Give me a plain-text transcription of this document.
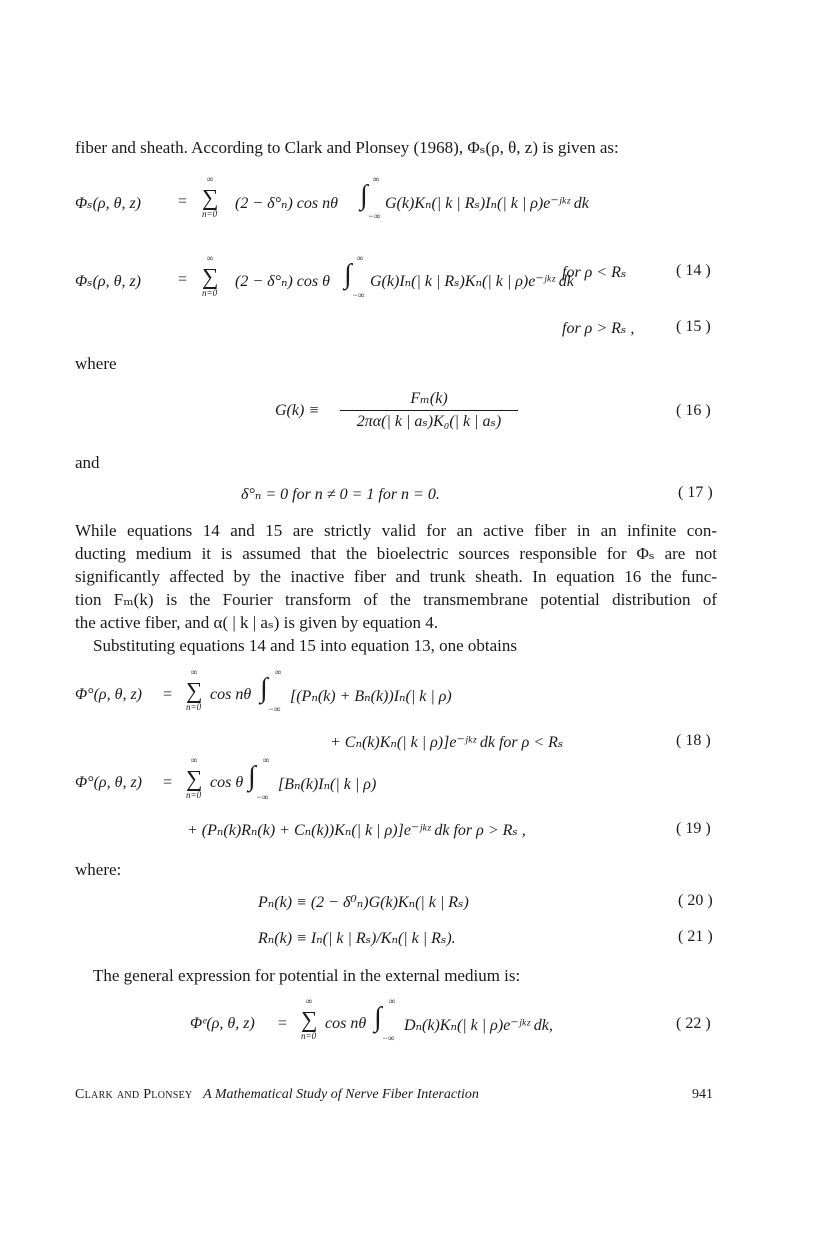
fiber and sheath. According to Clark and Plonsey (1968), Φₛ(ρ, θ, z) is given as:
Φₛ(ρ, θ, z) =
∞
∑
n=0
(2 − δ°ₙ) cos nθ
∞
∫
−∞
G(k)Kₙ(| k | Rₛ)Iₙ(| k | ρ)e⁻ʲᵏᶻ dk
for ρ < Rₛ	( 14 )
Φₛ(ρ, θ, z) =
∞
∑
n=0
(2 − δ°ₙ) cos θ
∞
∫
−∞
G(k)Iₙ(| k | Rₛ)Kₙ(| k | ρ)e⁻ʲᵏᶻ dk
for ρ > Rₛ ,	( 15 )
where
$G(k) \equiv \frac{\text{Fₘ(k)}}{\text{2πα(| k | aₛ)K₀(| k | aₛ)}}$	( 16 )
and
δ°ₙ = 0 for n ≠ 0 = 1 for n = 0.	( 17 )
While equations 14 and 15 are strictly valid for an active fiber in an infinite con-
ducting medium it is assumed that the bioelectric sources responsible for Φₛ are not
significantly affected by the inactive fiber and trunk sheath. In equation 16 the func-
tion Fₘ(k) is the Fourier transform of the transmembrane potential distribution of
the active fiber, and α( | k | aₛ) is given by equation 4.
Substituting equations 14 and 15 into equation 13, one obtains
Φ°(ρ, θ, z) =
∞
∑
n=0
cos nθ
∞
∫
−∞
[(Pₙ(k) + Bₙ(k))Iₙ(| k | ρ)
+ Cₙ(k)Kₙ(| k | ρ)]e⁻ʲᵏᶻ dk for ρ < Rₛ	( 18 )
Φ°(ρ, θ, z) =
∞
∑
n=0
cos θ
∞
∫
−∞
[Bₙ(k)Iₙ(| k | ρ)
+ (Pₙ(k)Rₙ(k) + Cₙ(k))Kₙ(| k | ρ)]e⁻ʲᵏᶻ dk for ρ > Rₛ ,	( 19 )
where:
Pₙ(k) ≡ (2 − δ⁰ₙ)G(k)Kₙ(| k | Rₛ)	( 20 )
Rₙ(k) ≡ Iₙ(| k | Rₛ)/Kₙ(| k | Rₛ).	( 21 )
The general expression for potential in the external medium is:
Φᵉ(ρ, θ, z) =
∞
∑
n=0
cos nθ
∞
∫
−∞
Dₙ(k)Kₙ(| k | ρ)e⁻ʲᵏᶻ dk,	( 22 )
Clark and Plonsey A Mathematical Study of Nerve Fiber Interaction	941
